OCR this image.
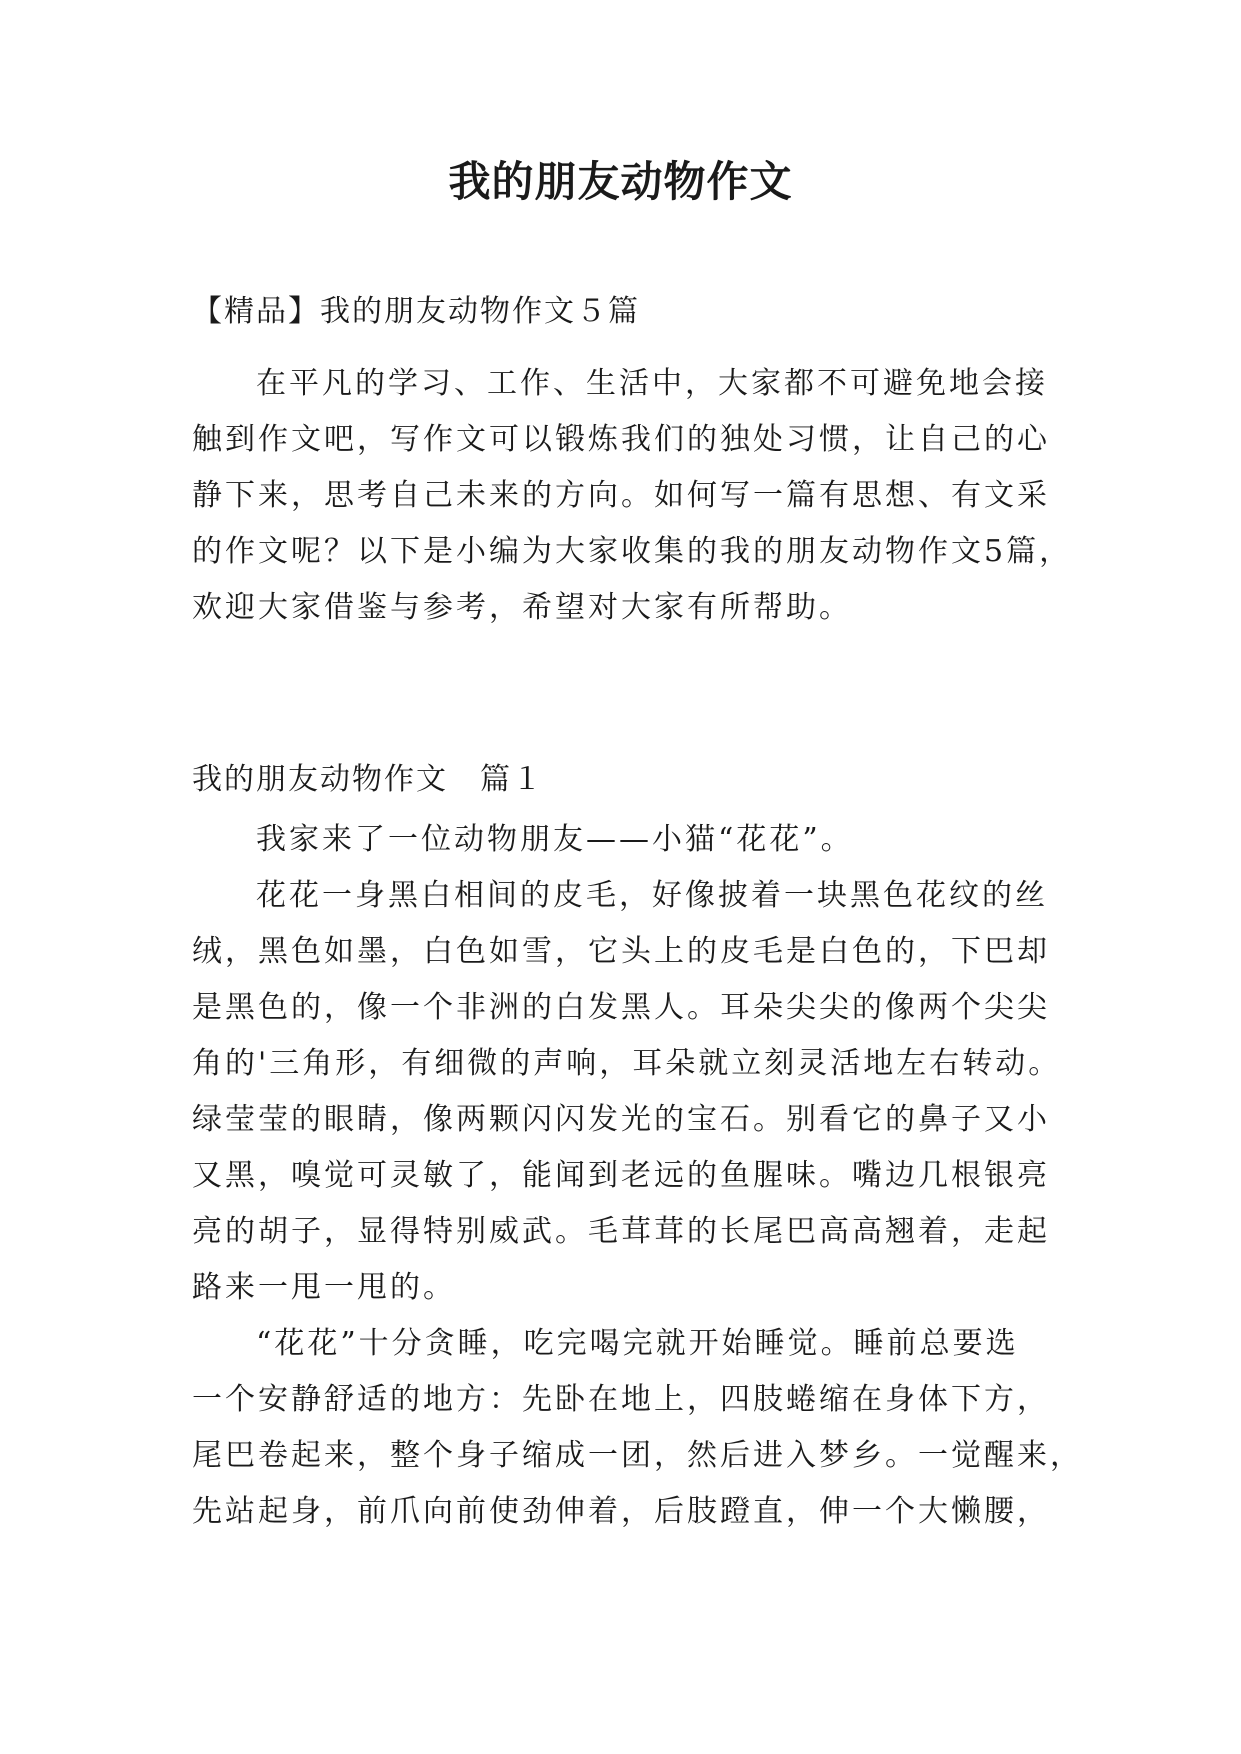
我的朋友动物作文
【精品】我的朋友动物作文５篇
在平凡的学习、工作、生活中，大家都不可避免地会接
触到作文吧，写作文可以锻炼我们的独处习惯，让自己的心
静下来，思考自己未来的方向。如何写一篇有思想、有文采
的作文呢？以下是小编为大家收集的我的朋友动物作文5篇，
欢迎大家借鉴与参考，希望对大家有所帮助。
我的朋友动物作文　篇１
我家来了一位动物朋友——小猫“花花”。
花花一身黑白相间的皮毛，好像披着一块黑色花纹的丝
绒，黑色如墨，白色如雪，它头上的皮毛是白色的，下巴却
是黑色的，像一个非洲的白发黑人。耳朵尖尖的像两个尖尖
角的'三角形，有细微的声响，耳朵就立刻灵活地左右转动。
绿莹莹的眼睛，像两颗闪闪发光的宝石。别看它的鼻子又小
又黑，嗅觉可灵敏了，能闻到老远的鱼腥味。嘴边几根银亮
亮的胡子，显得特别威武。毛茸茸的长尾巴高高翘着，走起
路来一甩一甩的。
“花花”十分贪睡，吃完喝完就开始睡觉。睡前总要选
一个安静舒适的地方：先卧在地上，四肢蜷缩在身体下方，
尾巴卷起来，整个身子缩成一团，然后进入梦乡。一觉醒来，
先站起身，前爪向前使劲伸着，后肢蹬直，伸一个大懒腰，
